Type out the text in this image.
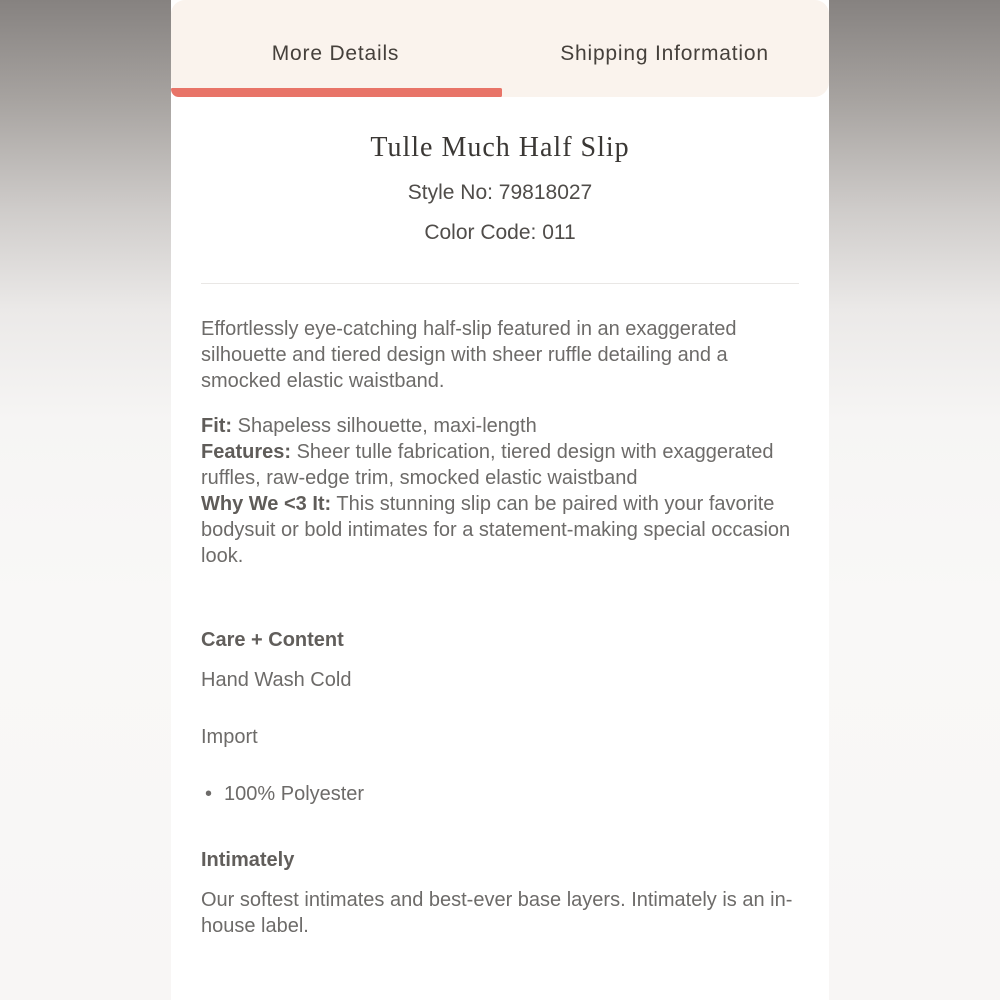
More Details	Shipping Information
Tulle Much Half Slip
Style No: 79818027
Color Code: 011

Effortlessly eye-catching half-slip featured in an exaggerated silhouette and tiered design with sheer ruffle detailing and a smocked elastic waistband.

Fit: Shapeless silhouette, maxi-length
Features: Sheer tulle fabrication, tiered design with exaggerated ruffles, raw-edge trim, smocked elastic waistband
Why We <3 It: This stunning slip can be paired with your favorite bodysuit or bold intimates for a statement-making special occasion look.
Care + Content
Hand Wash Cold
Import
• 100% Polyester
Intimately

Our softest intimates and best-ever base layers. Intimately is an in-house label.
